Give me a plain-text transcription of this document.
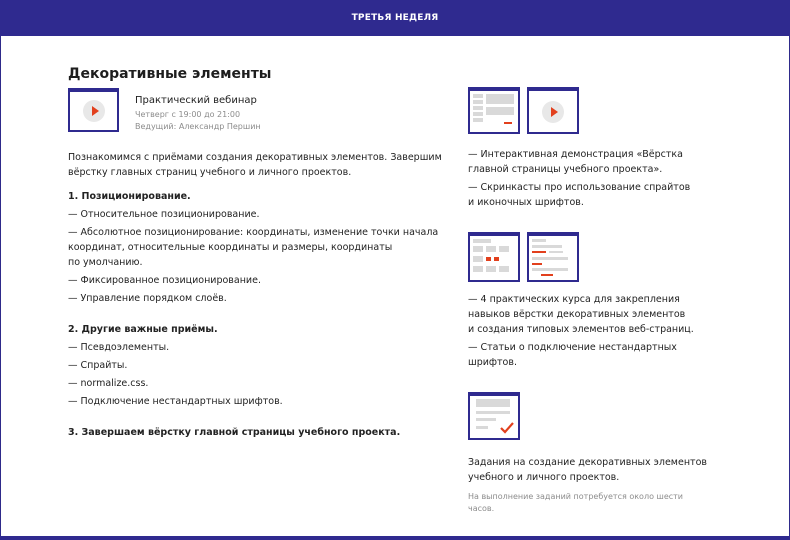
ТРЕТЬЯ НЕДЕЛЯ
Декоративные элементы
Практический вебинар
Четверг с 19:00 до 21:00
Ведущий: Александр Першин
Познакомимся с приёмами создания декоративных элементов. Завершим
вёрстку главных страниц учебного и личного проектов.
1. Позиционирование.
— Относительное позиционирование.
— Абсолютное позиционирование: координаты, изменение точки начала
координат, относительные координаты и размеры, координаты
по умолчанию.
— Фиксированное позиционирование.
— Управление порядком слоёв.
2. Другие важные приёмы.
— Псевдоэлементы.
— Спрайты.
— normalize.css.
— Подключение нестандартных шрифтов.
3. Завершаем вёрстку главной страницы учебного проекта.
— Интерактивная демонстрация «Вёрстка
главной страницы учебного проекта».
— Скринкасты про использование спрайтов
и иконочных шрифтов.
— 4 практических курса для закрепления
навыков вёрстки декоративных элементов
и создания типовых элементов веб-страниц.
— Статьи о подключение нестандартных
шрифтов.
Задания на создание декоративных элементов
учебного и личного проектов.
На выполнение заданий потребуется около шести
часов.
